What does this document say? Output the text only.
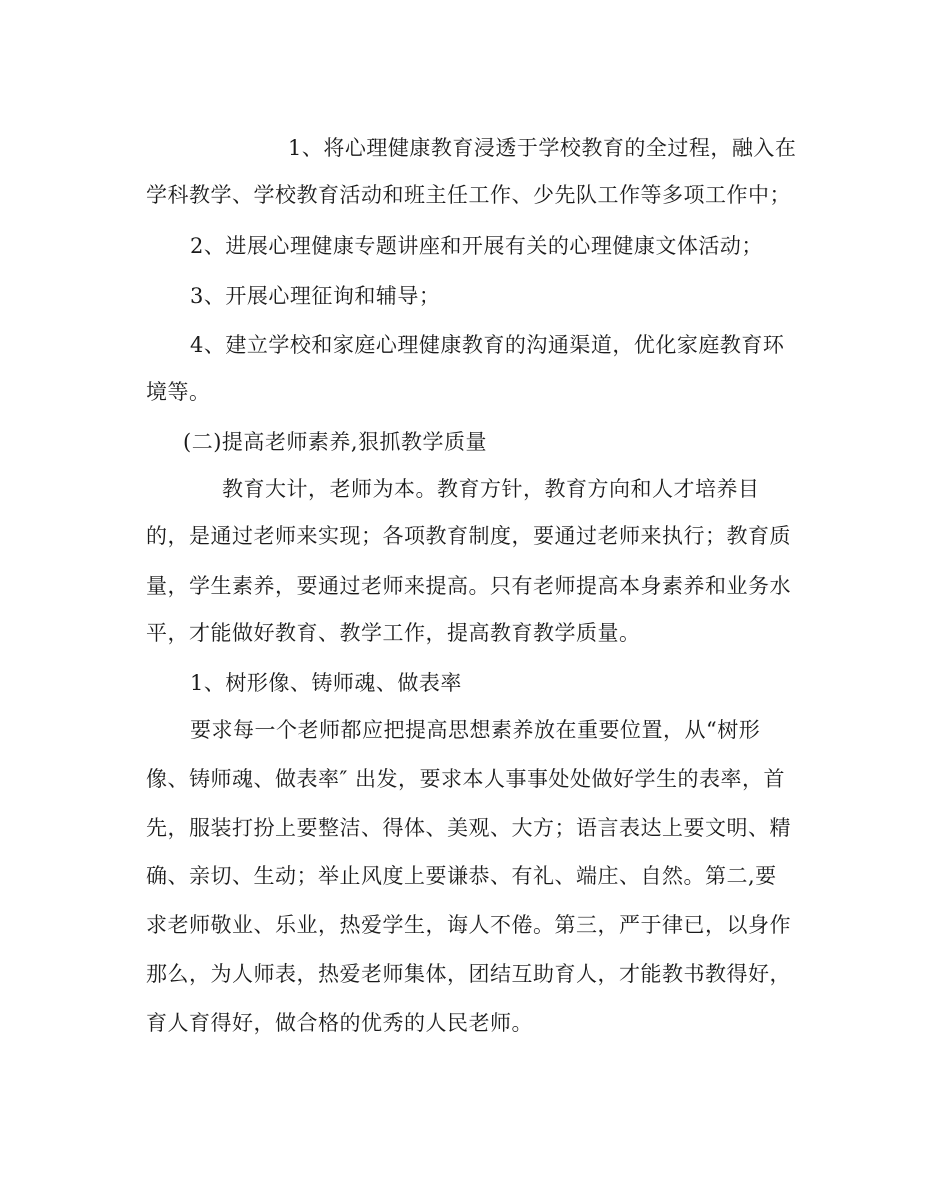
1、将心理健康教育浸透于学校教育的全过程，融入在
学科教学、学校教育活动和班主任工作、少先队工作等多项工作中；
2、进展心理健康专题讲座和开展有关的心理健康文体活动；
3、开展心理征询和辅导；
4、建立学校和家庭心理健康教育的沟通渠道，优化家庭教育环
境等。
(二)提高老师素养,狠抓教学质量
教育大计，老师为本。教育方针，教育方向和人才培养目
的，是通过老师来实现；各项教育制度，要通过老师来执行；教育质
量，学生素养，要通过老师来提高。只有老师提高本身素养和业务水
平，才能做好教育、教学工作，提高教育教学质量。
1、树形像、铸师魂、做表率
要求每一个老师都应把提高思想素养放在重要位置，从“树形
像、铸师魂、做表率″ 出发，要求本人事事处处做好学生的表率，首
先，服装打扮上要整洁、得体、美观、大方；语言表达上要文明、精
确、亲切、生动；举止风度上要谦恭、有礼、端庄、自然。第二,要
求老师敬业、乐业，热爱学生，诲人不倦。第三，严于律已，以身作
那么，为人师表，热爱老师集体，团结互助育人，才能教书教得好，
育人育得好，做合格的优秀的人民老师。
